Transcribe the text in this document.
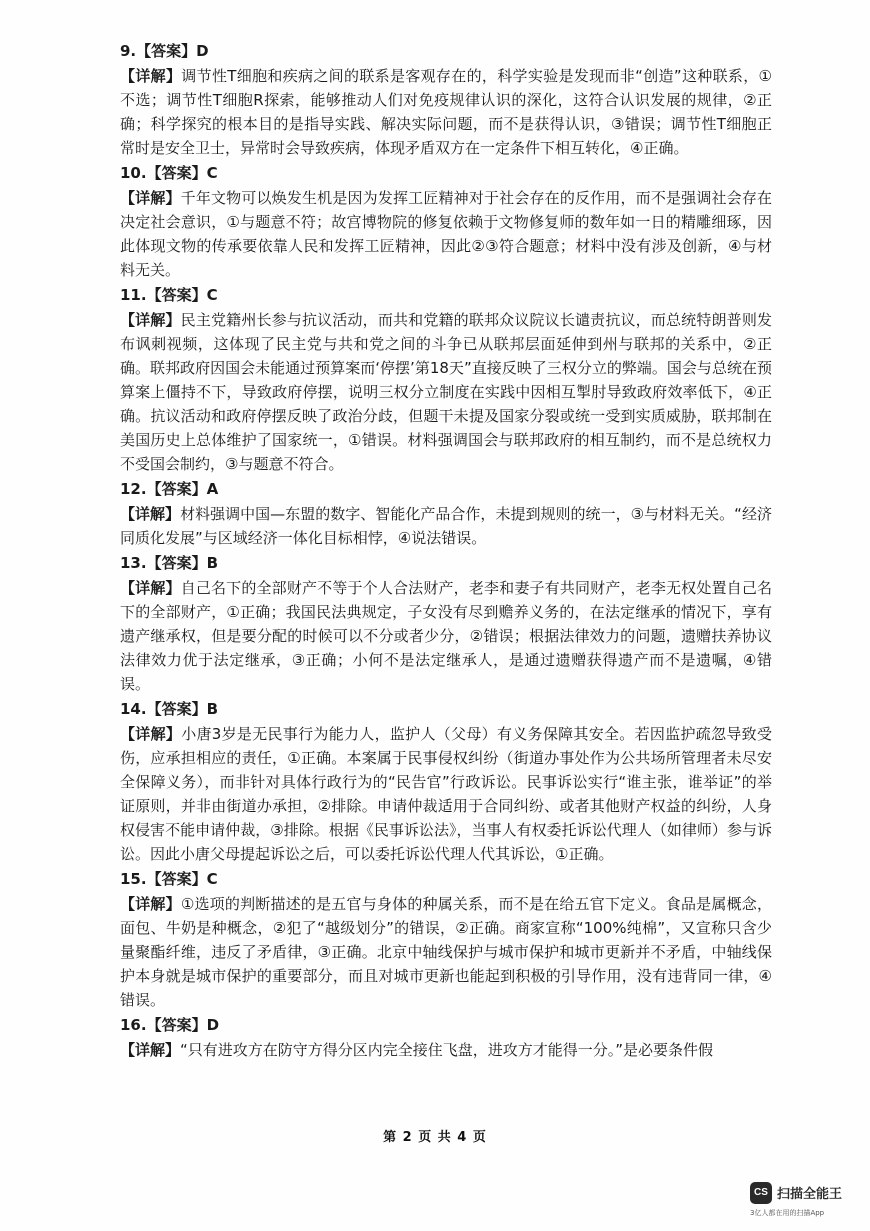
9.【答案】D

【详解】调节性T细胞和疾病之间的联系是客观存在的，科学实验是发现而非“创造”这种联系，①不选；调节性T细胞R探索，能够推动人们对免疫规律认识的深化，这符合认识发展的规律，②正确；科学探究的根本目的是指导实践、解决实际问题，而不是获得认识，③错误；调节性T细胞正常时是安全卫士，异常时会导致疾病，体现矛盾双方在一定条件下相互转化，④正确。

10.【答案】C

【详解】千年文物可以焕发生机是因为发挥工匠精神对于社会存在的反作用，而不是强调社会存在决定社会意识，①与题意不符；故宫博物院的修复依赖于文物修复师的数年如一日的精雕细琢，因此体现文物的传承要依靠人民和发挥工匠精神，因此②③符合题意；材料中没有涉及创新，④与材料无关。

11.【答案】C

【详解】民主党籍州长参与抗议活动，而共和党籍的联邦众议院议长谴责抗议，而总统特朗普则发布讽刺视频，这体现了民主党与共和党之间的斗争已从联邦层面延伸到州与联邦的关系中，②正确。联邦政府因国会未能通过预算案而‘停摆’第18天”直接反映了三权分立的弊端。国会与总统在预算案上僵持不下，导致政府停摆，说明三权分立制度在实践中因相互掣肘导致政府效率低下，④正确。抗议活动和政府停摆反映了政治分歧，但题干未提及国家分裂或统一受到实质威胁，联邦制在美国历史上总体维护了国家统一，①错误。材料强调国会与联邦政府的相互制约，而不是总统权力不受国会制约，③与题意不符合。

12.【答案】A

【详解】材料强调中国—东盟的数字、智能化产品合作，未提到规则的统一，③与材料无关。“经济同质化发展”与区域经济一体化目标相悖，④说法错误。

13.【答案】B

【详解】自己名下的全部财产不等于个人合法财产，老李和妻子有共同财产，老李无权处置自己名下的全部财产，①正确；我国民法典规定，子女没有尽到赡养义务的，在法定继承的情况下，享有遗产继承权，但是要分配的时候可以不分或者少分，②错误；根据法律效力的问题，遗赠扶养协议法律效力优于法定继承，③正确；小何不是法定继承人，是通过遗赠获得遗产而不是遗嘱，④错误。

14.【答案】B

【详解】小唐3岁是无民事行为能力人，监护人（父母）有义务保障其安全。若因监护疏忽导致受伤，应承担相应的责任，①正确。本案属于民事侵权纠纷（街道办事处作为公共场所管理者未尽安全保障义务），而非针对具体行政行为的“民告官”行政诉讼。民事诉讼实行“谁主张，谁举证”的举证原则，并非由街道办承担，②排除。申请仲裁适用于合同纠纷、或者其他财产权益的纠纷，人身权侵害不能申请仲裁，③排除。根据《民事诉讼法》，当事人有权委托诉讼代理人（如律师）参与诉讼。因此小唐父母提起诉讼之后，可以委托诉讼代理人代其诉讼，①正确。

15.【答案】C

【详解】①选项的判断描述的是五官与身体的种属关系，而不是在给五官下定义。食品是属概念，面包、牛奶是种概念，②犯了“越级划分”的错误，②正确。商家宣称“100%纯棉”，又宣称只含少量聚酯纤维，违反了矛盾律，③正确。北京中轴线保护与城市保护和城市更新并不矛盾，中轴线保护本身就是城市保护的重要部分，而且对城市更新也能起到积极的引导作用，没有违背同一律，④错误。

16.【答案】D

【详解】“只有进攻方在防守方得分区内完全接住飞盘，进攻方才能得一分。”是必要条件假

第 2 页 共 4 页
CS 扫描全能王
3亿人都在用的扫描App
